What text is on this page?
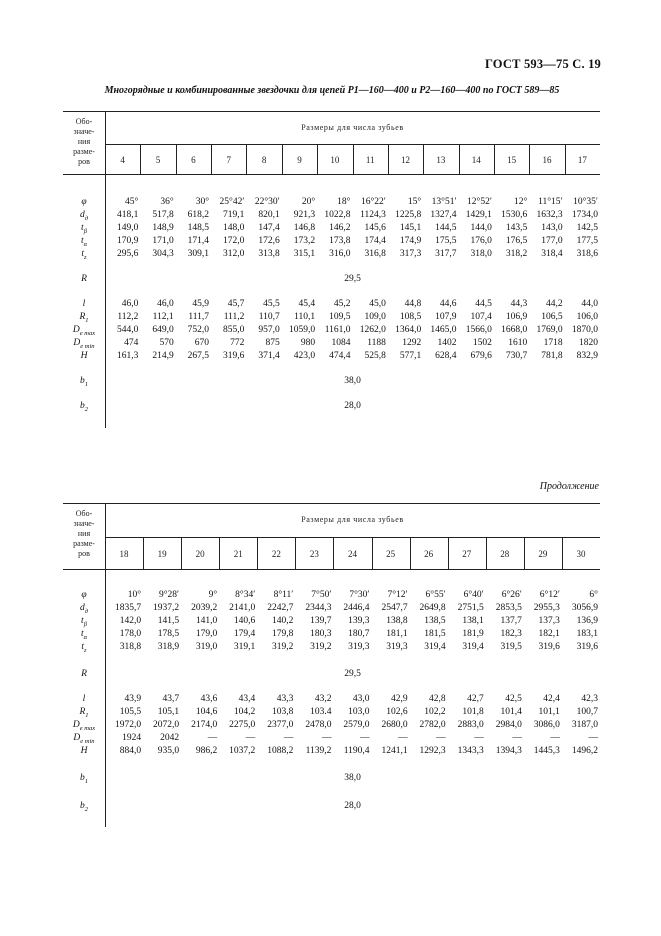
ГОСТ 593—75 С. 19
Многорядные и комбинированные звездочки для цепей Р1—160—400 и Р2—160—400 по ГОСТ 589—85
Обо-
значе-
ния
разме-
ров
Размеры для числа зубьев
4	5	6	7	8	9	10	11	12	13	14	15	16	17
φ	45°	36°	30°	25°42′	22°30′	20°	18°	16°22′	15°	13°51′	12°52′	12°	11°15′	10°35′
$d_д$	418,1	517,8	618,2	719,1	820,1	921,3 1022,8	1124,3 1225,8 1327,4 1429,1 1530,6 1632,3 1734,0
$t_\beta$	149,0	148,9	148,5	148,0	147,4	146,8	146,2	145,6	145,1	144,5	144,0	143,5	143,0	142,5
$t_\alpha$	170,9	171,0	171,4	172,0	172,6	173,2	173,8	174,4	174,9	175,5	176,0	176,5	177,0	177,5
$t_z$	295,6	304,3	309,1	312,0	313,8	315,1	316,0	316,8	317,3	317,7	318,0	318,2	318,4	318,6
R	29,5
l	46,0	46,0	45,9	45,7	45,5	45,4	45,2	45,0	44,8	44,6	44,5	44,3	44,2	44,0
$R_1$	112,2	112,1	111,7	111,2	110,7	110,1	109,5	109,0	108,5	107,9	107,4	106,9	106,5	106,0
$D_{e max}$	544,0	649,0	752,0	855,0	957,0 1059,0	1161,0 1262,0 1364,0 1465,0 1566,0 1668,0 1769,0 1870,0
$D_{e min}$	474	570	670	772	875	980	1084	1188	1292	1402	1502	1610	1718	1820
H	161,3	214,9	267,5	319,6	371,4	423,0	474,4	525,8	577,1	628,4	679,6	730,7	781,8	832,9
$b_1$	38,0
$b_2$	28,0
Продолжение
Обо-
значе-
ния
разме-
ров
Размеры для числа зубьев
18	19	20	21	22	23	24	25	26	27	28	29	30
φ	10°	9°28′	9°	8°34′	8°11′	7°50′	7°30′	7°12′	6°55′	6°40′	6°26′	6°12′	6°
$d_д$	1835,7	1937,2	2039,2	2141,0	2242,7	2344,3	2446,4	2547,7	2649,8	2751,5	2853,5	2955,3	3056,9
$t_\beta$	142,0	141,5	141,0	140,6	140,2	139,7	139,3	138,8	138,5	138,1	137,7	137,3	136,9
$t_\alpha$	178,0	178,5	179,0	179,4	179,8	180,3	180,7	181,1	181,5	181,9	182,3	182,1	183,1
$t_z$	318,8	318,9	319,0	319,1	319,2	319,2	319,3	319,3	319,4	319,4	319,5	319,6	319,6
R	29,5
l	43,9	43,7	43,6	43,4	43,3	43,2	43,0	42,9	42,8	42,7	42,5	42,4	42,3
$R_1$	105,5	105,1	104,6	104,2	103,8	103.4	103,0	102,6	102,2	101,8	101,4	101,1	100,7
$D_{e max}$	1972,0	2072,0	2174,0	2275,0	2377,0	2478,0	2579,0	2680,0	2782,0	2883,0	2984,0	3086,0	3187,0
$D_{e min}$	1924	2042	—	—	—	—	—	—	—	—	—	—	—
H	884,0	935,0	986,2	1037,2	1088,2	1139,2	1190,4	1241,1	1292,3	1343,3	1394,3	1445,3	1496,2
$b_1$	38,0
$b_2$	28,0
